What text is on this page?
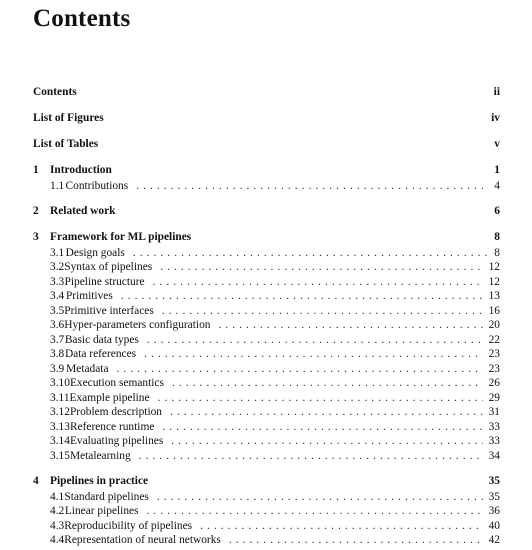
Contents
Contents	ii
List of Figures	iv
List of Tables	v
1 Introduction	1
1.1 Contributions . . .	4
2 Related work	6
3 Framework for ML pipelines	8
3.1 Design goals . . .	8
3.2 Syntax of pipelines . . .	12
3.3 Pipeline structure . . .	12
3.4 Primitives . . .	13
3.5 Primitive interfaces . . .	16
3.6 Hyper-parameters configuration . . .	20
3.7 Basic data types . . .	22
3.8 Data references . . .	23
3.9 Metadata . . .	23
3.10 Execution semantics . . .	26
3.11 Example pipeline . . .	29
3.12 Problem description . . .	31
3.13 Reference runtime . . .	33
3.14 Evaluating pipelines . . .	33
3.15 Metalearning . . .	34
4 Pipelines in practice	35
4.1 Standard pipelines . . .	35
4.2 Linear pipelines . . .	36
4.3 Reproducibility of pipelines . . .	40
4.4 Representation of neural networks . . .	42
